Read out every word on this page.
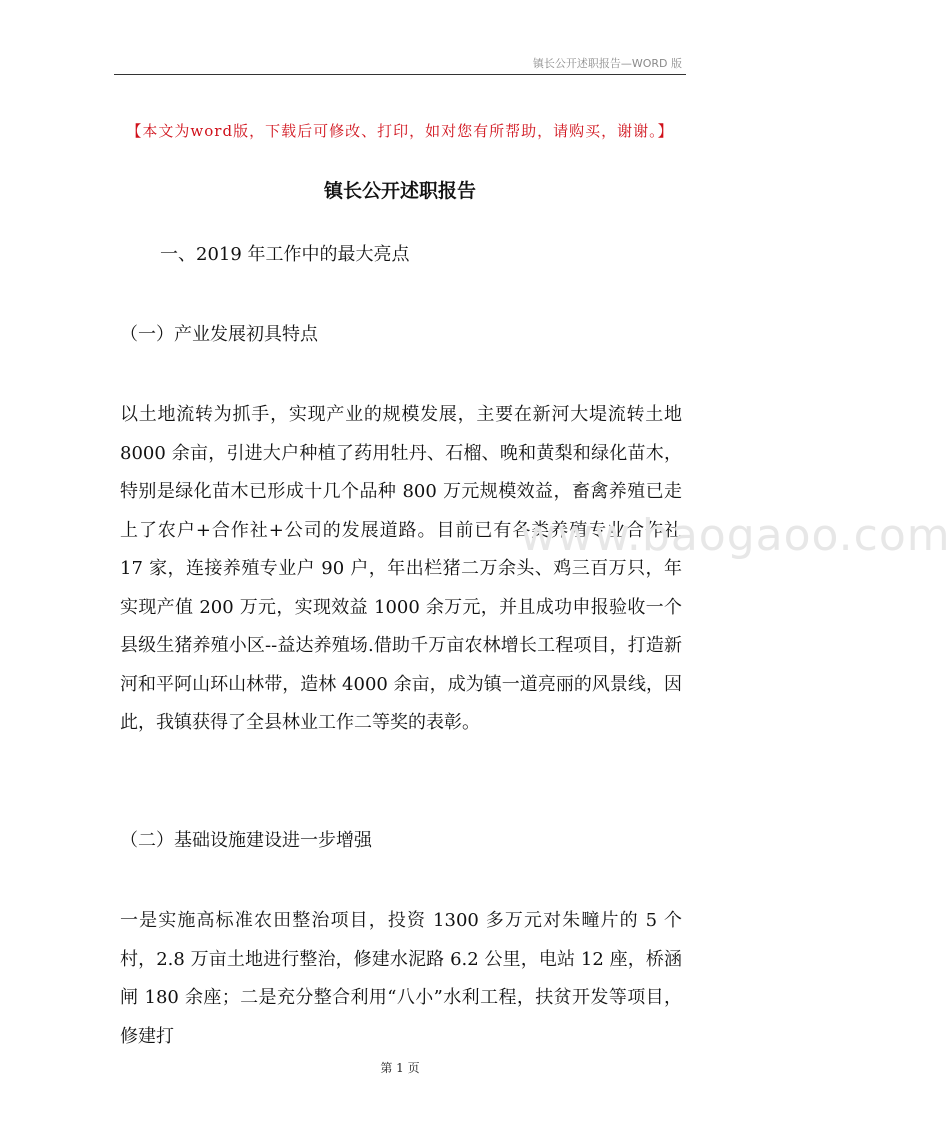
镇长公开述职报告—WORD 版
【本文为word版，下载后可修改、打印，如对您有所帮助，请购买，谢谢。】
镇长公开述职报告
一、2019 年工作中的最大亮点
（一）产业发展初具特点

以土地流转为抓手，实现产业的规模发展，主要在新河大堤流转土地 8000 余亩，引进大户种植了药用牡丹、石榴、晚和黄梨和绿化苗木，特别是绿化苗木已形成十几个品种 800 万元规模效益，畜禽养殖已走上了农户+合作社+公司的发展道路。目前已有各类养殖专业合作社 17 家，连接养殖专业户 90 户，年出栏猪二万余头、鸡三百万只，年实现产值 200 万元，实现效益 1000 余万元，并且成功申报验收一个县级生猪养殖小区--益达养殖场.借助千万亩农林增长工程项目，打造新河和平阿山环山林带，造林 4000 余亩，成为镇一道亮丽的风景线，因此，我镇获得了全县林业工作二等奖的表彰。

www.baogaoo.com
（二）基础设施建设进一步增强

一是实施高标准农田整治项目，投资 1300 多万元对朱疃片的 5 个村，2.8 万亩土地进行整治，修建水泥路 6.2 公里，电站 12 座，桥涵闸 180 余座；二是充分整合利用“八小”水利工程，扶贫开发等项目，修建打

第 1 页
